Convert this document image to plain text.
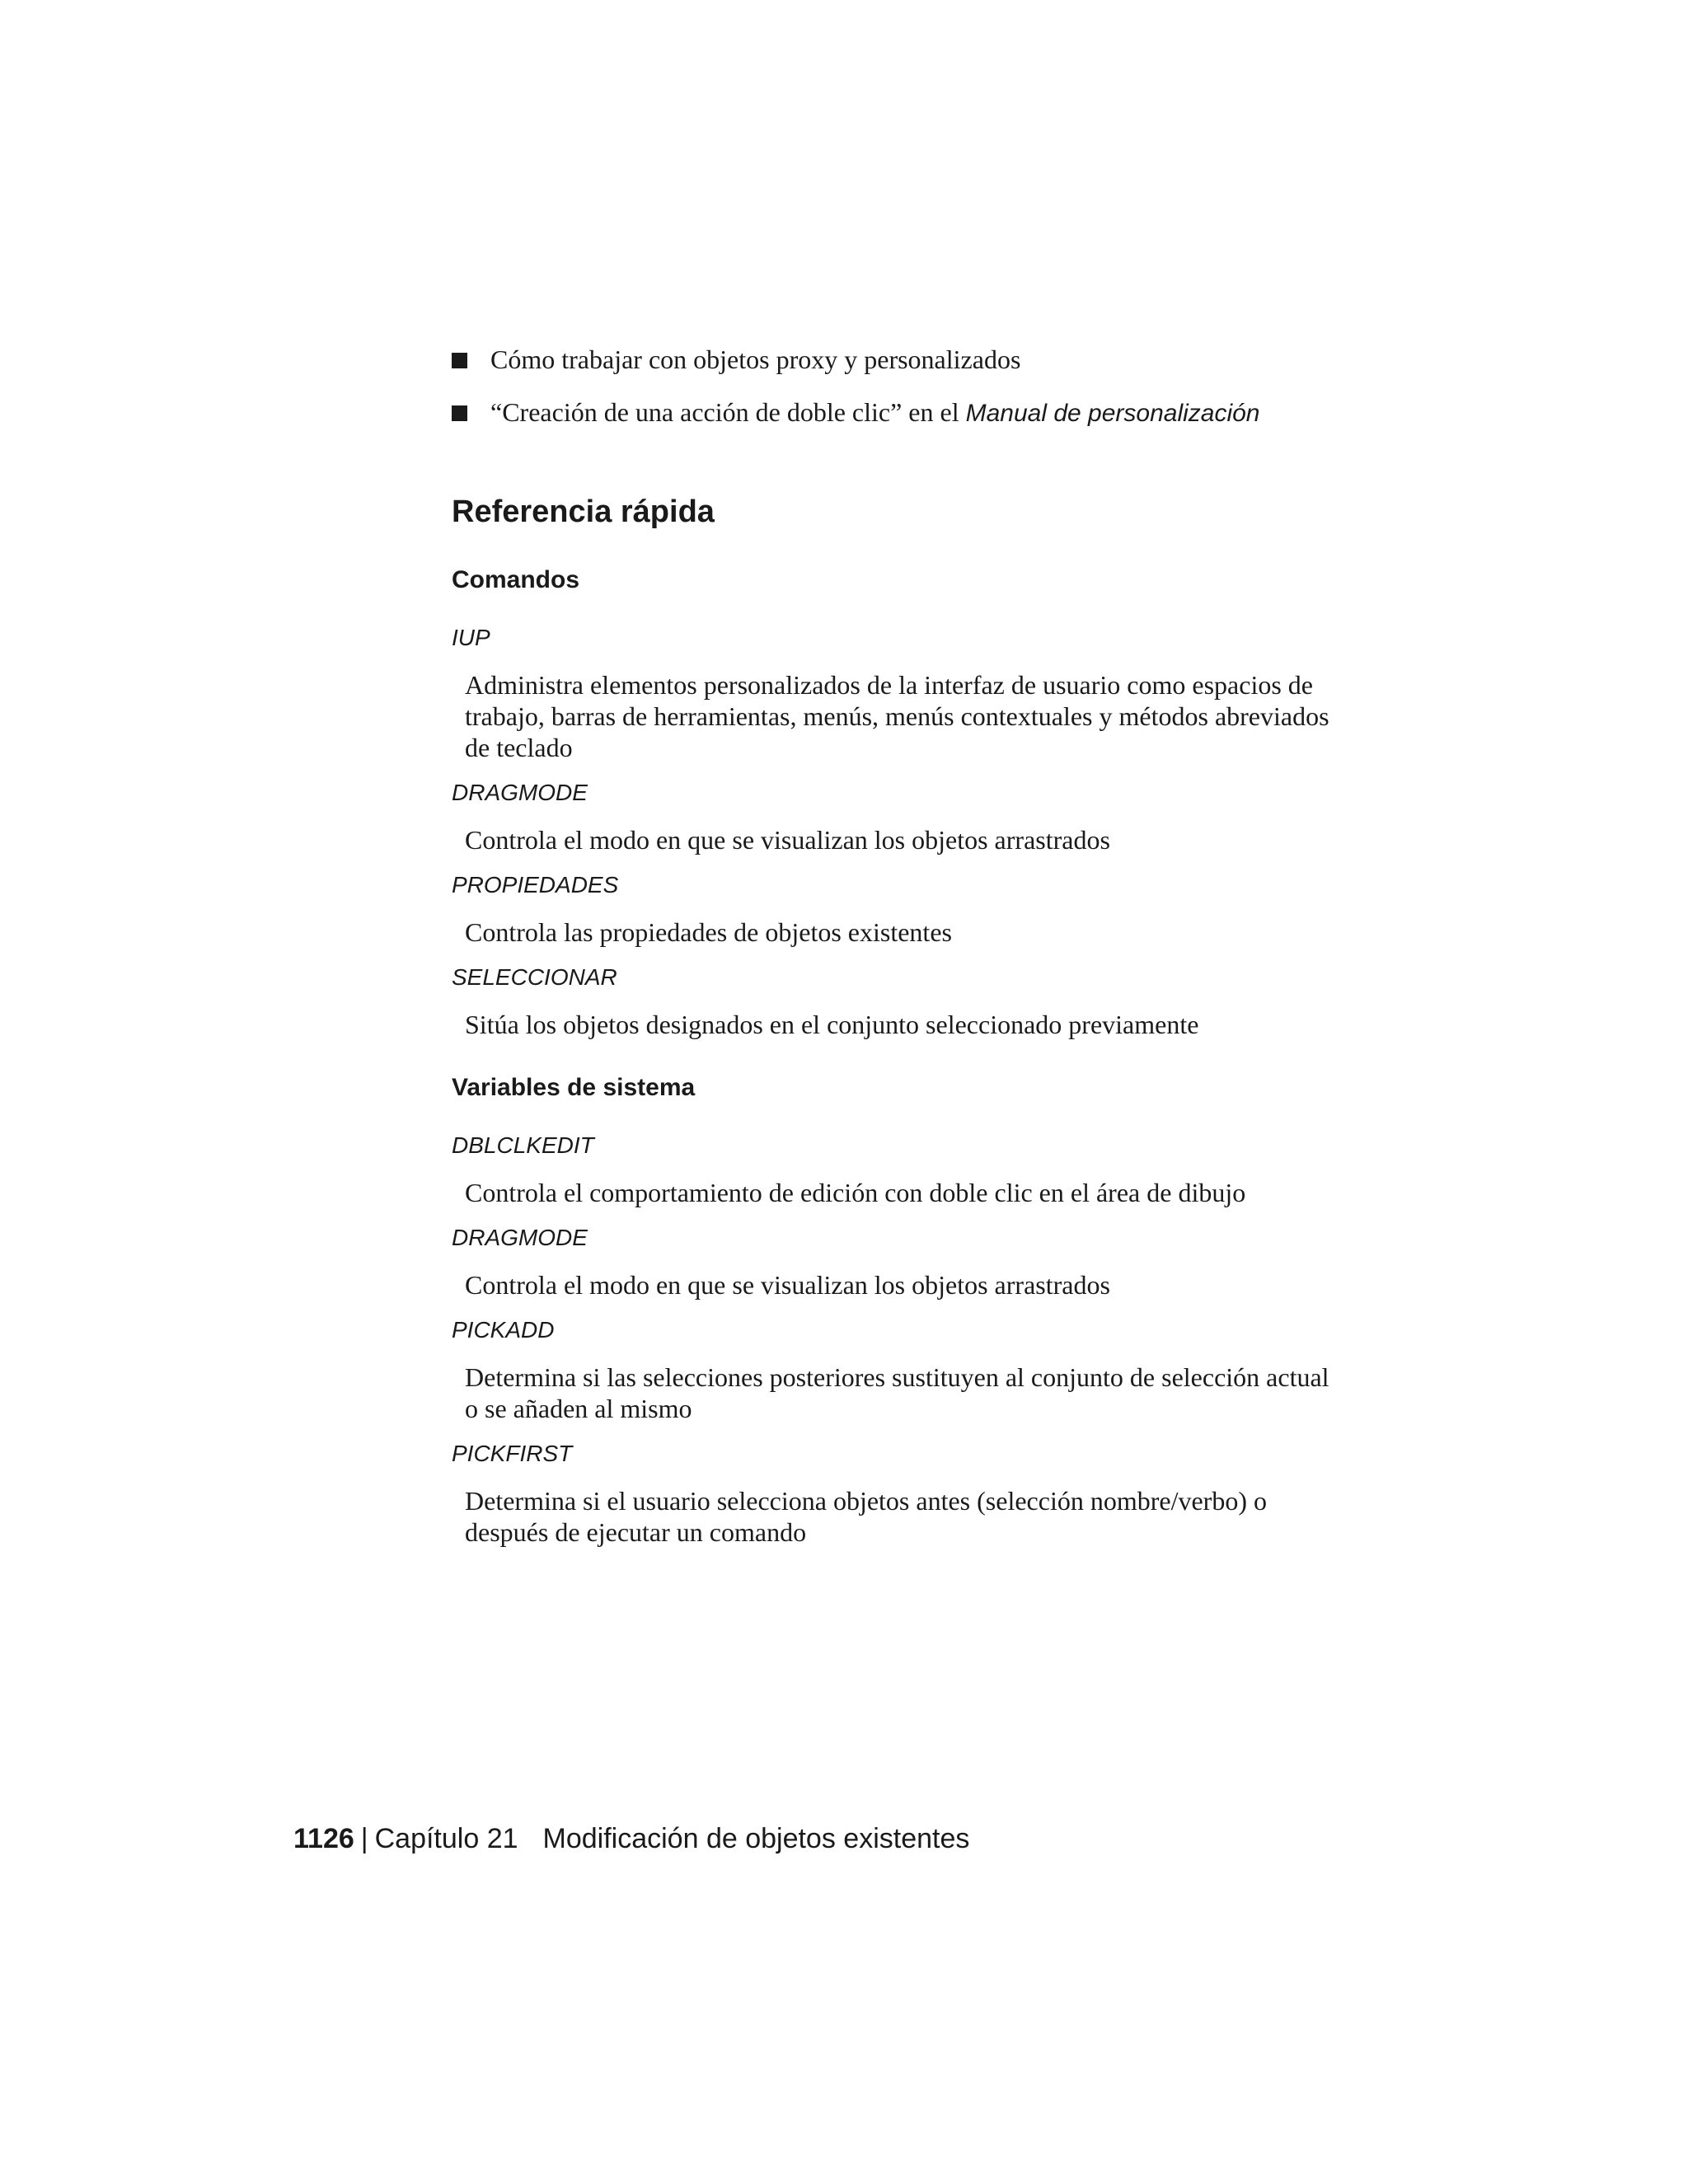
Cómo trabajar con objetos proxy y personalizados
“Creación de una acción de doble clic” en el Manual de personalización
Referencia rápida
Comandos

IUP

Administra elementos personalizados de la interfaz de usuario como espacios de trabajo, barras de herramientas, menús, menús contextuales y métodos abreviados de teclado

DRAGMODE

Controla el modo en que se visualizan los objetos arrastrados

PROPIEDADES

Controla las propiedades de objetos existentes

SELECCIONAR

Sitúa los objetos designados en el conjunto seleccionado previamente

Variables de sistema

DBLCLKEDIT

Controla el comportamiento de edición con doble clic en el área de dibujo

DRAGMODE

Controla el modo en que se visualizan los objetos arrastrados

PICKADD

Determina si las selecciones posteriores sustituyen al conjunto de selección actual o se añaden al mismo

PICKFIRST

Determina si el usuario selecciona objetos antes (selección nombre/verbo) o después de ejecutar un comando

1126 | Capítulo 21 Modificación de objetos existentes
